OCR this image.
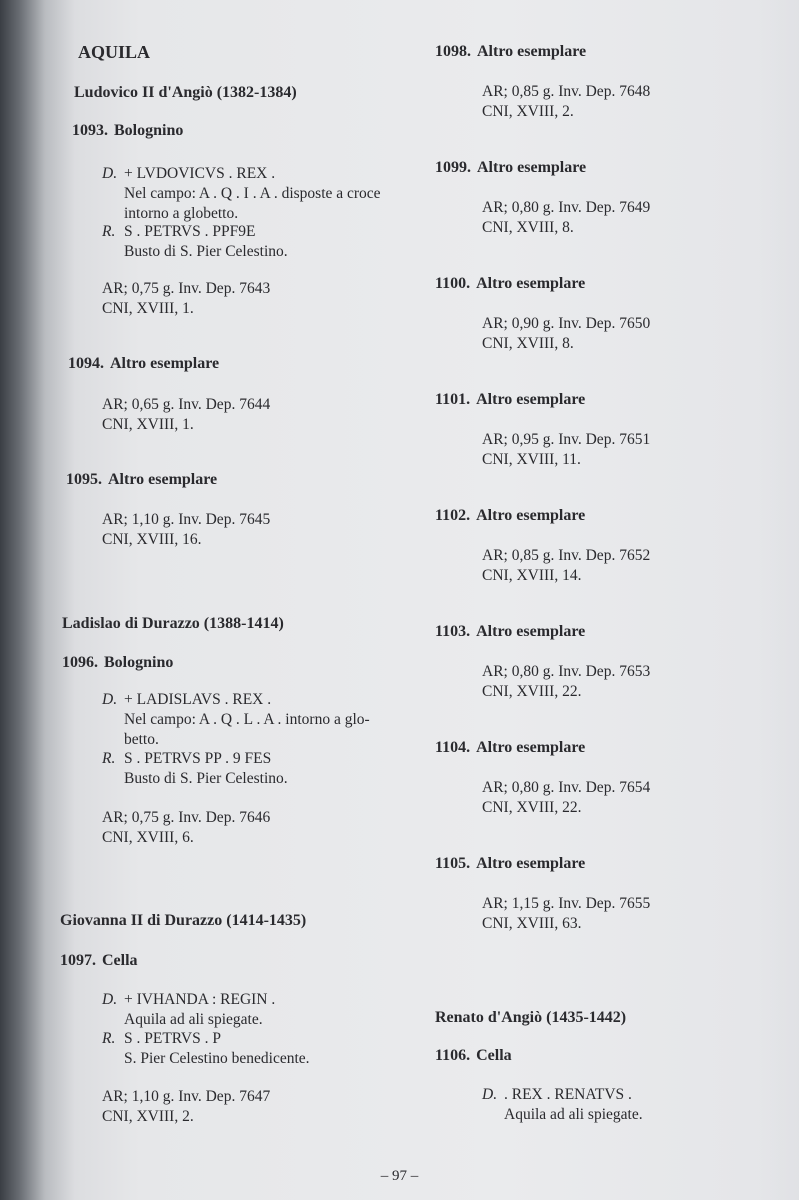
AQUILA
Ludovico II d'Angiò (1382-1384)
1093. Bolognino
D. + LVDOVICVS . REX .
Nel campo: A . Q . I . A . disposte a croce
intorno a globetto.
R. S . PETRVS . PPF9E
Busto di S. Pier Celestino.
AR; 0,75 g. Inv. Dep. 7643
CNI, XVIII, 1.
1094. Altro esemplare
AR; 0,65 g. Inv. Dep. 7644
CNI, XVIII, 1.
1095. Altro esemplare
AR; 1,10 g. Inv. Dep. 7645
CNI, XVIII, 16.
Ladislao di Durazzo (1388-1414)
1096. Bolognino
D. + LADISLAVS . REX .
Nel campo: A . Q . L . A . intorno a glo-
betto.
R. S . PETRVS PP . 9 FES
Busto di S. Pier Celestino.
AR; 0,75 g. Inv. Dep. 7646
CNI, XVIII, 6.
Giovanna II di Durazzo (1414-1435)
1097. Cella
D. + IVHANDA : REGIN .
Aquila ad ali spiegate.
R. S . PETRVS . P
S. Pier Celestino benedicente.
AR; 1,10 g. Inv. Dep. 7647
CNI, XVIII, 2.
1098. Altro esemplare
AR; 0,85 g. Inv. Dep. 7648
CNI, XVIII, 2.
1099. Altro esemplare
AR; 0,80 g. Inv. Dep. 7649
CNI, XVIII, 8.
1100. Altro esemplare
AR; 0,90 g. Inv. Dep. 7650
CNI, XVIII, 8.
1101. Altro esemplare
AR; 0,95 g. Inv. Dep. 7651
CNI, XVIII, 11.
1102. Altro esemplare
AR; 0,85 g. Inv. Dep. 7652
CNI, XVIII, 14.
1103. Altro esemplare
AR; 0,80 g. Inv. Dep. 7653
CNI, XVIII, 22.
1104. Altro esemplare
AR; 0,80 g. Inv. Dep. 7654
CNI, XVIII, 22.
1105. Altro esemplare
AR; 1,15 g. Inv. Dep. 7655
CNI, XVIII, 63.
Renato d'Angiò (1435-1442)
1106. Cella
D. . REX . RENATVS .
Aquila ad ali spiegate.
– 97 –
